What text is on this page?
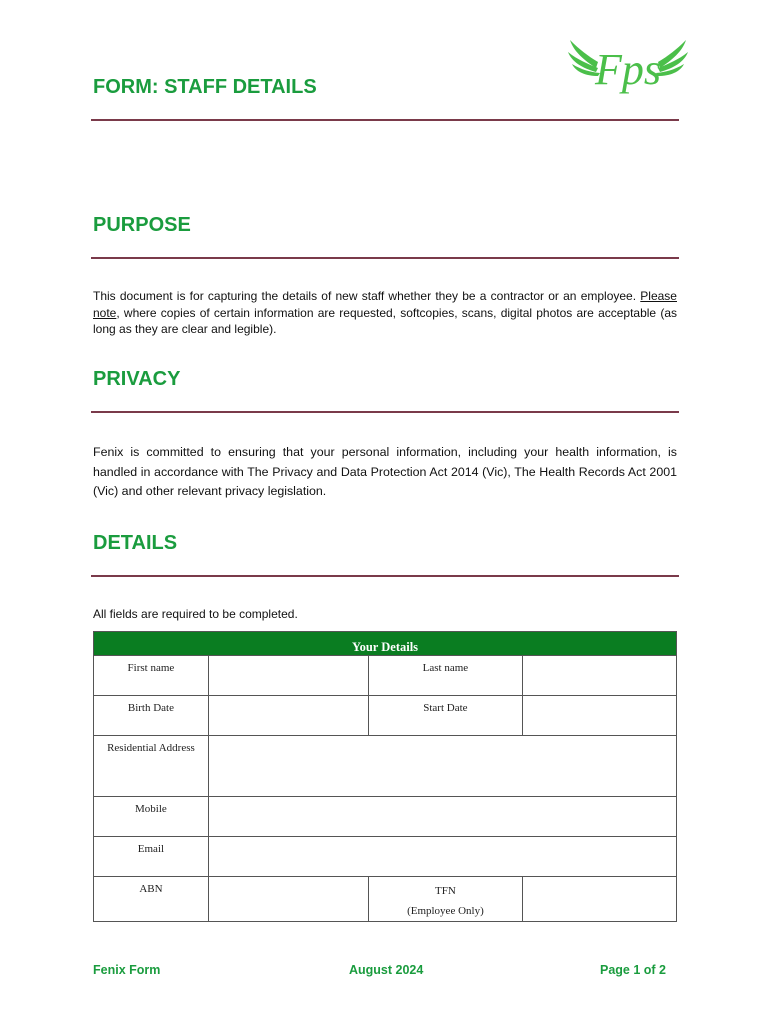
Fps
FORM: STAFF DETAILS
PURPOSE

This document is for capturing the details of new staff whether they be a contractor or an employee. Please note, where copies of certain information are requested, softcopies, scans, digital photos are acceptable (as long as they are clear and legible).

PRIVACY

Fenix is committed to ensuring that your personal information, including your health information, is handled in accordance with The Privacy and Data Protection Act 2014 (Vic), The Health Records Act 2001 (Vic) and other relevant privacy legislation.

DETAILS

All fields are required to be completed.

Your Details			
First name		Last name	
Birth Date		Start Date	
Residential Address			
Mobile			
Email			
ABN		TFN
(Employee Only)	

Fenix Form	August 2024	Page 1 of 2
